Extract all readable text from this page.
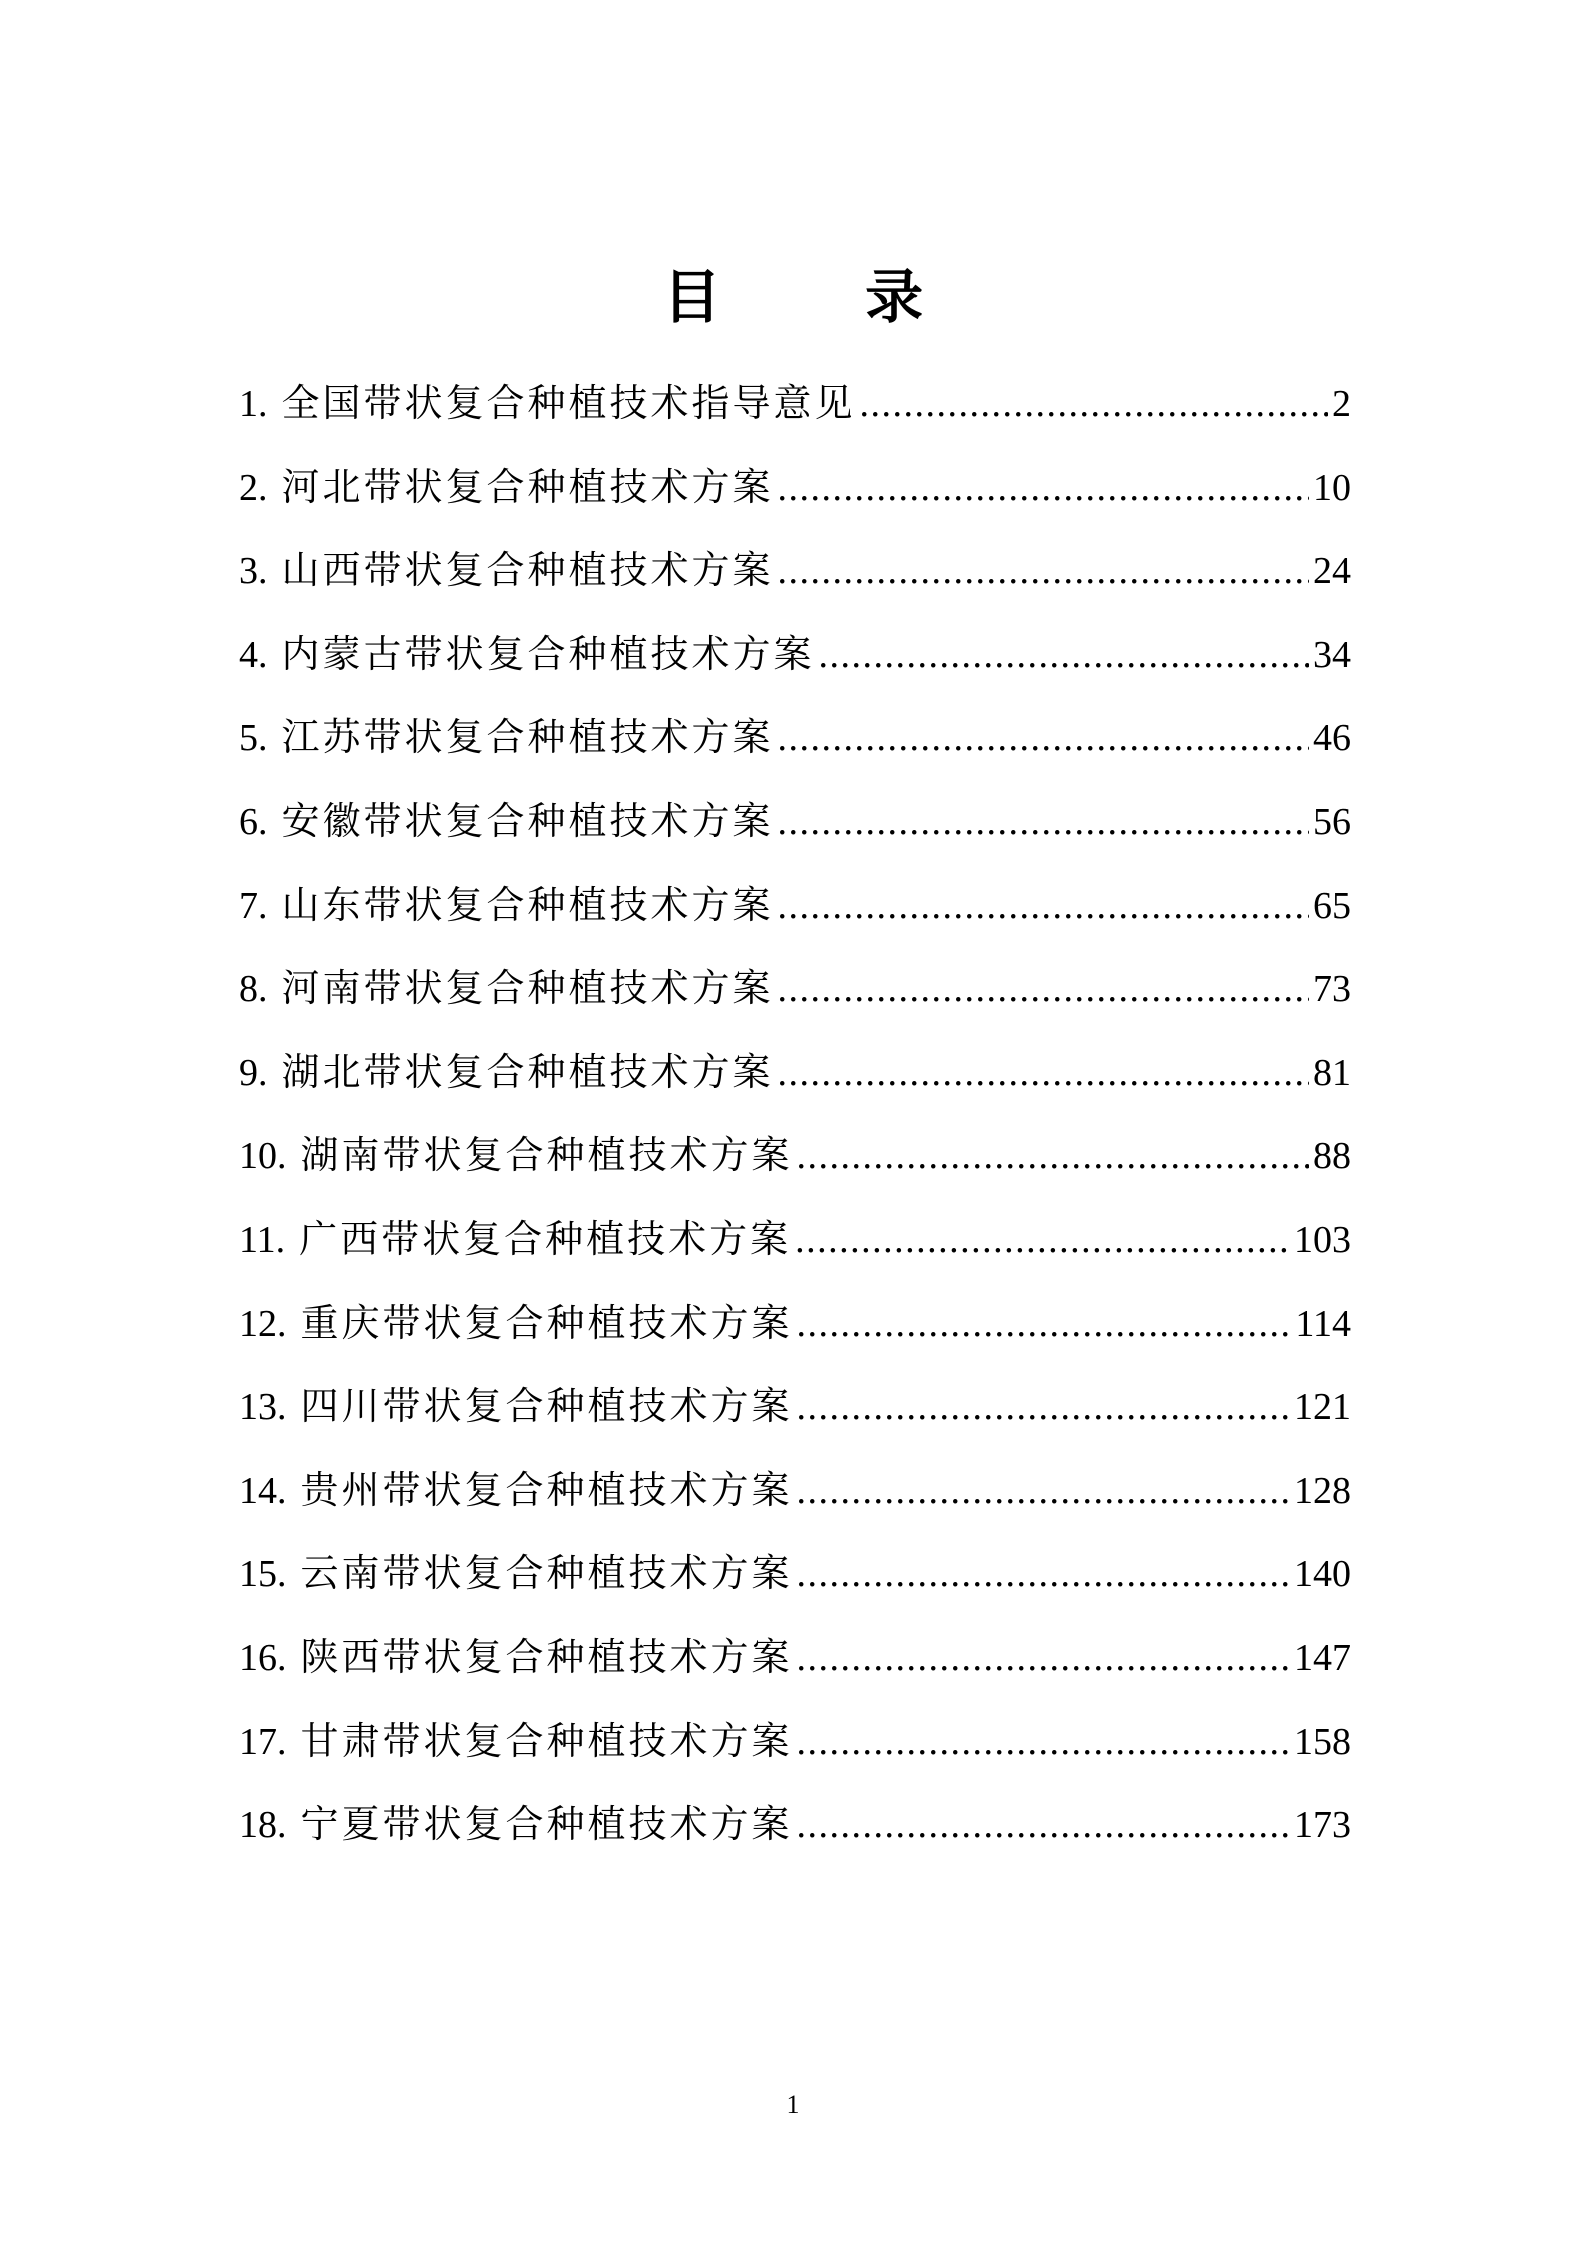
目 录
1. 全国带状复合种植技术指导意见 .....	2
2. 河北带状复合种植技术方案 .....	10
3. 山西带状复合种植技术方案 .....	24
4. 内蒙古带状复合种植技术方案 .....	34
5. 江苏带状复合种植技术方案 .....	46
6. 安徽带状复合种植技术方案 .....	56
7. 山东带状复合种植技术方案 .....	65
8. 河南带状复合种植技术方案 .....	73
9. 湖北带状复合种植技术方案 .....	81
10. 湖南带状复合种植技术方案 .....	88
11. 广西带状复合种植技术方案 .....	103
12. 重庆带状复合种植技术方案 .....	114
13. 四川带状复合种植技术方案 .....	121
14. 贵州带状复合种植技术方案 .....	128
15. 云南带状复合种植技术方案 .....	140
16. 陕西带状复合种植技术方案 .....	147
17. 甘肃带状复合种植技术方案 .....	158
18. 宁夏带状复合种植技术方案 .....	173
1
